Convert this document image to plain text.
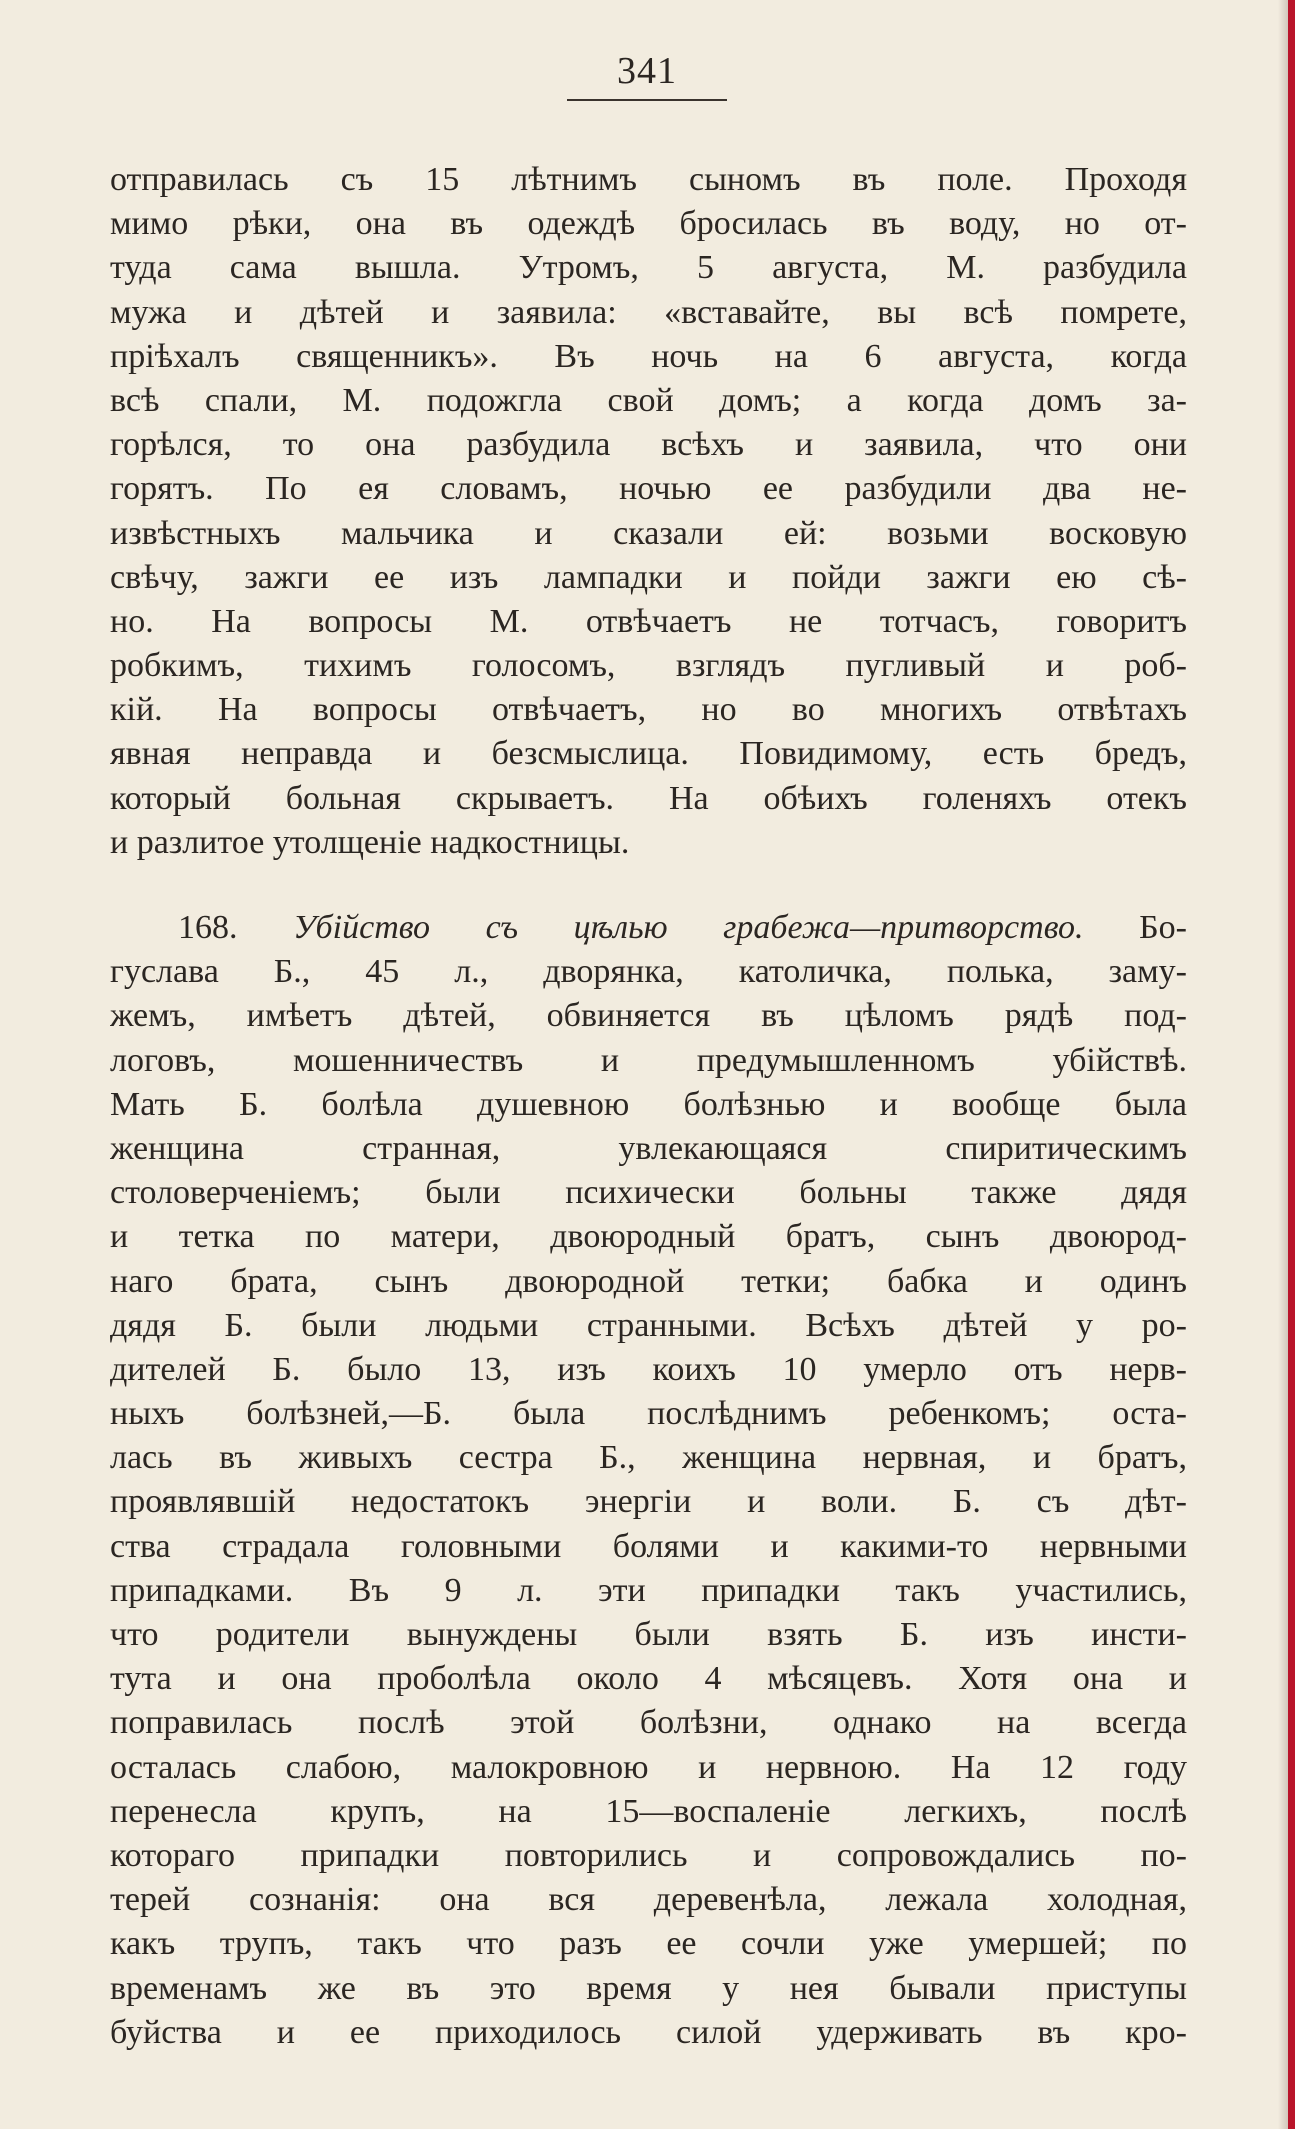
341
отправилась съ 15 лѣтнимъ сыномъ въ поле. Проходя
мимо рѣки, она въ одеждѣ бросилась въ воду, но от-
туда сама вышла. Утромъ, 5 августа, М. разбудила
мужа и дѣтей и заявила: «вставайте, вы всѣ помрете,
пріѣхалъ священникъ». Въ ночь на 6 августа, когда
всѣ спали, М. подожгла свой домъ; а когда домъ за-
горѣлся, то она разбудила всѣхъ и заявила, что они
горятъ. По ея словамъ, ночью ее разбудили два не-
извѣстныхъ мальчика и сказали ей: возьми восковую
свѣчу, зажги ее изъ лампадки и пойди зажги ею сѣ-
но. На вопросы М. отвѣчаетъ не тотчасъ, говоритъ
робкимъ, тихимъ голосомъ, взглядъ пугливый и роб-
кій. На вопросы отвѣчаетъ, но во многихъ отвѣтахъ
явная неправда и безсмыслица. Повидимому, есть бредъ,
который больная скрываетъ. На обѣихъ голеняхъ отекъ
и разлитое утолщеніе надкостницы.
168. Убійство съ цѣлью грабежа—притворство. Бо-
гуслава Б., 45 л., дворянка, католичка, полька, заму-
жемъ, имѣетъ дѣтей, обвиняется въ цѣломъ рядѣ под-
логовъ, мошенничествъ и предумышленномъ убійствѣ.
Мать Б. болѣла душевною болѣзнью и вообще была
женщина странная, увлекающаяся спиритическимъ
столоверченіемъ; были психически больны также дядя
и тетка по матери, двоюродный братъ, сынъ двоюрод-
наго брата, сынъ двоюродной тетки; бабка и одинъ
дядя Б. были людьми странными. Всѣхъ дѣтей у ро-
дителей Б. было 13, изъ коихъ 10 умерло отъ нерв-
ныхъ болѣзней,—Б. была послѣднимъ ребенкомъ; оста-
лась въ живыхъ сестра Б., женщина нервная, и братъ,
проявлявшій недостатокъ энергіи и воли. Б. съ дѣт-
ства страдала головными болями и какими-то нервными
припадками. Въ 9 л. эти припадки такъ участились,
что родители вынуждены были взять Б. изъ инсти-
тута и она проболѣла около 4 мѣсяцевъ. Хотя она и
поправилась послѣ этой болѣзни, однако на всегда
осталась слабою, малокровною и нервною. На 12 году
перенесла крупъ, на 15—воспаленіе легкихъ, послѣ
котораго припадки повторились и сопровождались по-
терей сознанія: она вся деревенѣла, лежала холодная,
какъ трупъ, такъ что разъ ее сочли уже умершей; по
временамъ же въ это время у нея бывали приступы
буйства и ее приходилось силой удерживать въ кро-
